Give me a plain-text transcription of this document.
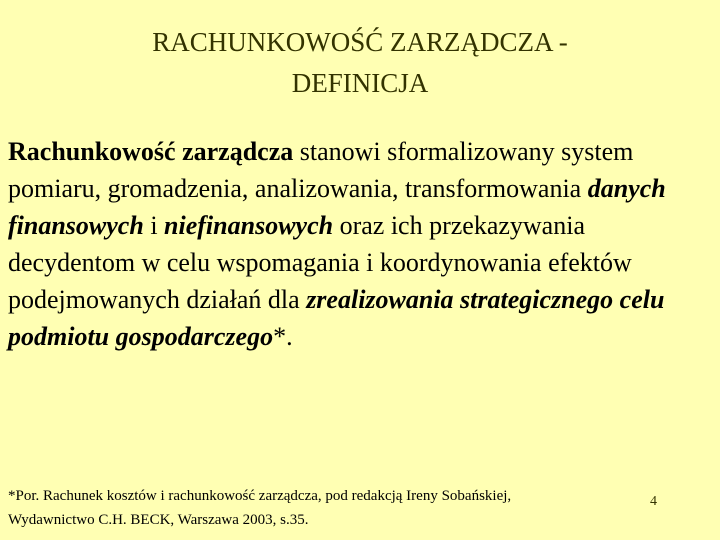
RACHUNKOWOŚĆ ZARZĄDCZA -
DEFINICJA

Rachunkowość zarządcza stanowi sformalizowany system pomiaru, gromadzenia, analizowania, transformowania danych finansowych i niefinansowych oraz ich przekazywania decydentom w celu wspomagania i koordynowania efektów podejmowanych działań dla zrealizowania strategicznego celu podmiotu gospodarczego*.

*Por. Rachunek kosztów i rachunkowość zarządcza, pod redakcją Ireny Sobańskiej,
Wydawnictwo C.H. BECK, Warszawa 2003, s.35.
4
